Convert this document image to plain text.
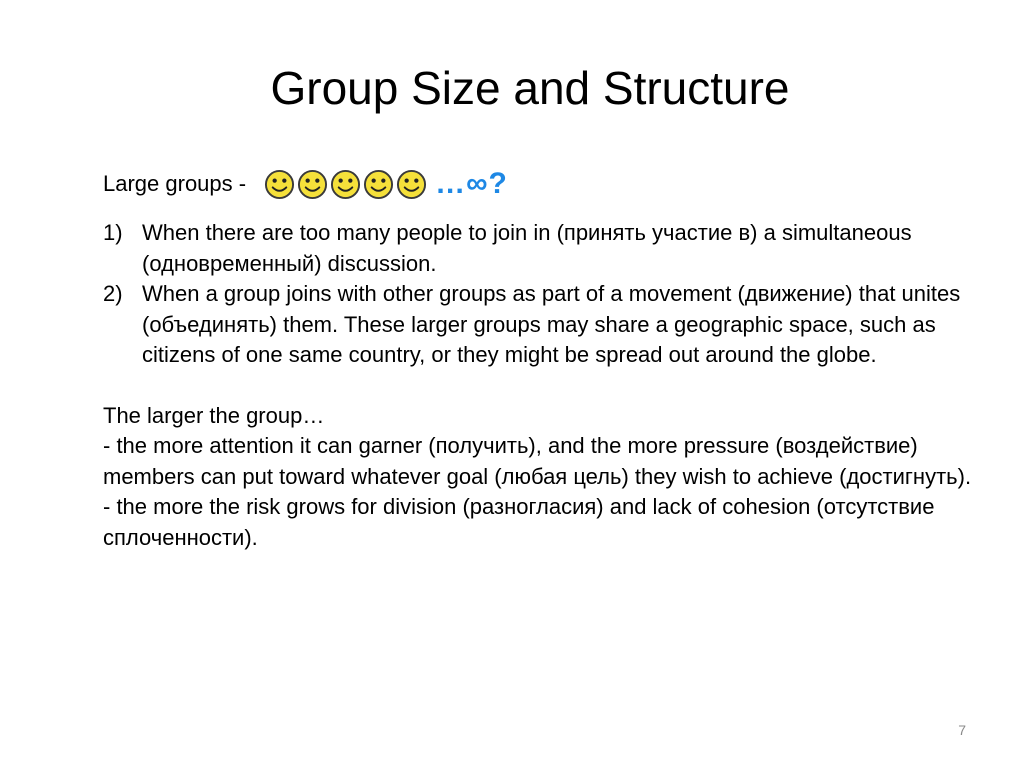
Group Size and Structure
Large groups -	…∞?
1) When there are too many people to join in (принять участие в) a simultaneous (одновременный) discussion.
2) When a group joins with other groups as part of a movement (движение) that unites (объединять) them. These larger groups may share a geographic space, such as citizens of one same country, or they might be spread out around the globe.
The larger the group…
- the more attention it can garner (получить), and the more pressure (воздействие) members can put toward whatever goal (любая цель) they wish to achieve (достигнуть).
- the more the risk grows for division (разногласия) and lack of cohesion (отсутствие сплоченности).
7
